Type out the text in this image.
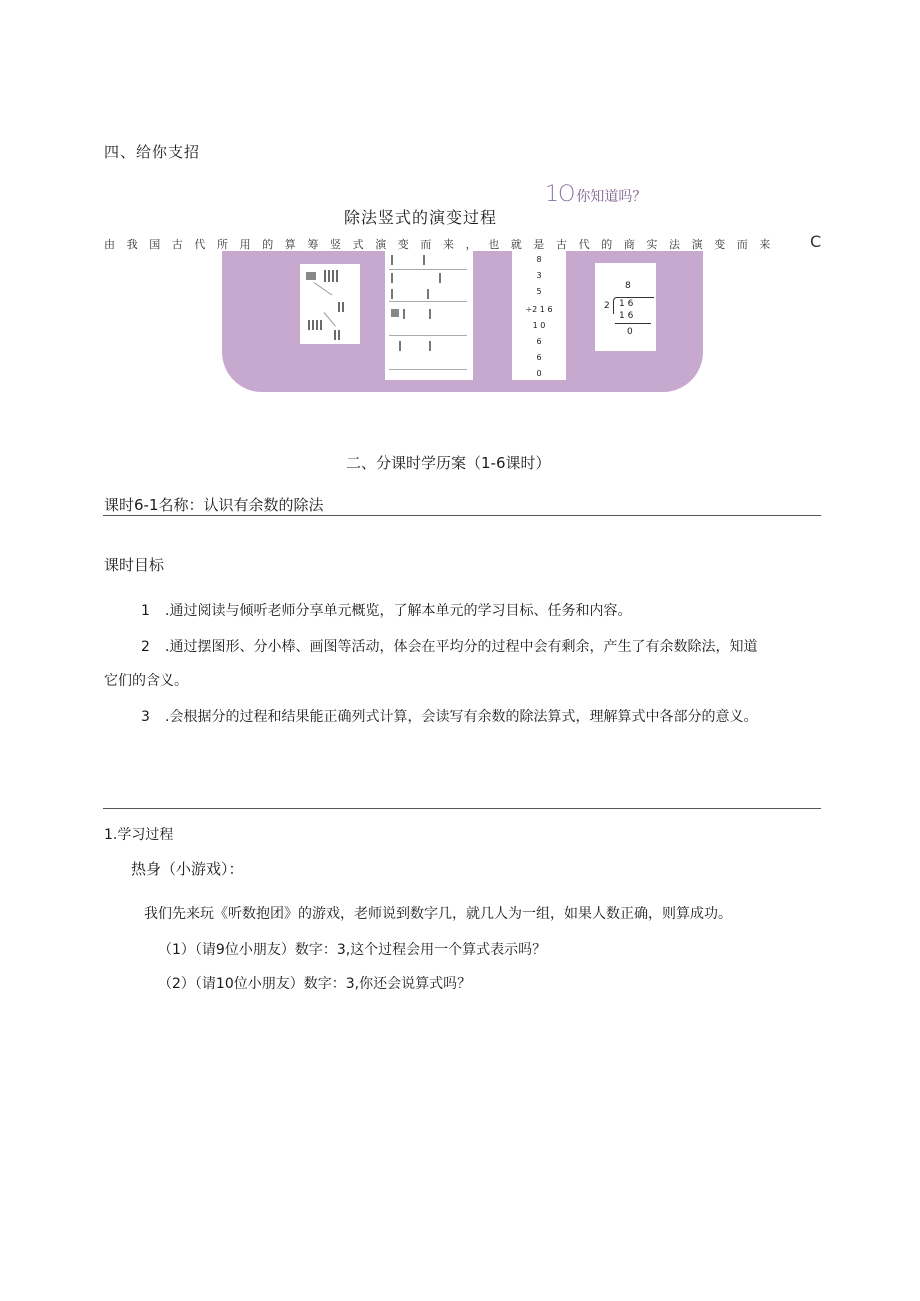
四、给你支招
1O 你知道吗？
除法竖式的演变过程
由我国古代所用的算筹竖式演变而来，也就是古代的商实法演变而来 C
8
3
5
÷2 1 6
1 0
6
6
0
8
2 1 6
1 6
0
二、分课时学历案（1-6课时）
课时6-1名称：认识有余数的除法
课时目标
1 .通过阅读与倾听老师分享单元概览，了解本单元的学习目标、任务和内容。
2 .通过摆图形、分小棒、画图等活动，体会在平均分的过程中会有剩余，产生了有余数除法，知道
它们的含义。
3 .会根据分的过程和结果能正确列式计算，会读写有余数的除法算式，理解算式中各部分的意义。
1.学习过程
热身（小游戏）：
我们先来玩《听数抱团》的游戏，老师说到数字几，就几人为一组，如果人数正确，则算成功。
（1）（请9位小朋友）数字：3,这个过程会用一个算式表示吗？
（2）（请10位小朋友）数字：3,你还会说算式吗？
